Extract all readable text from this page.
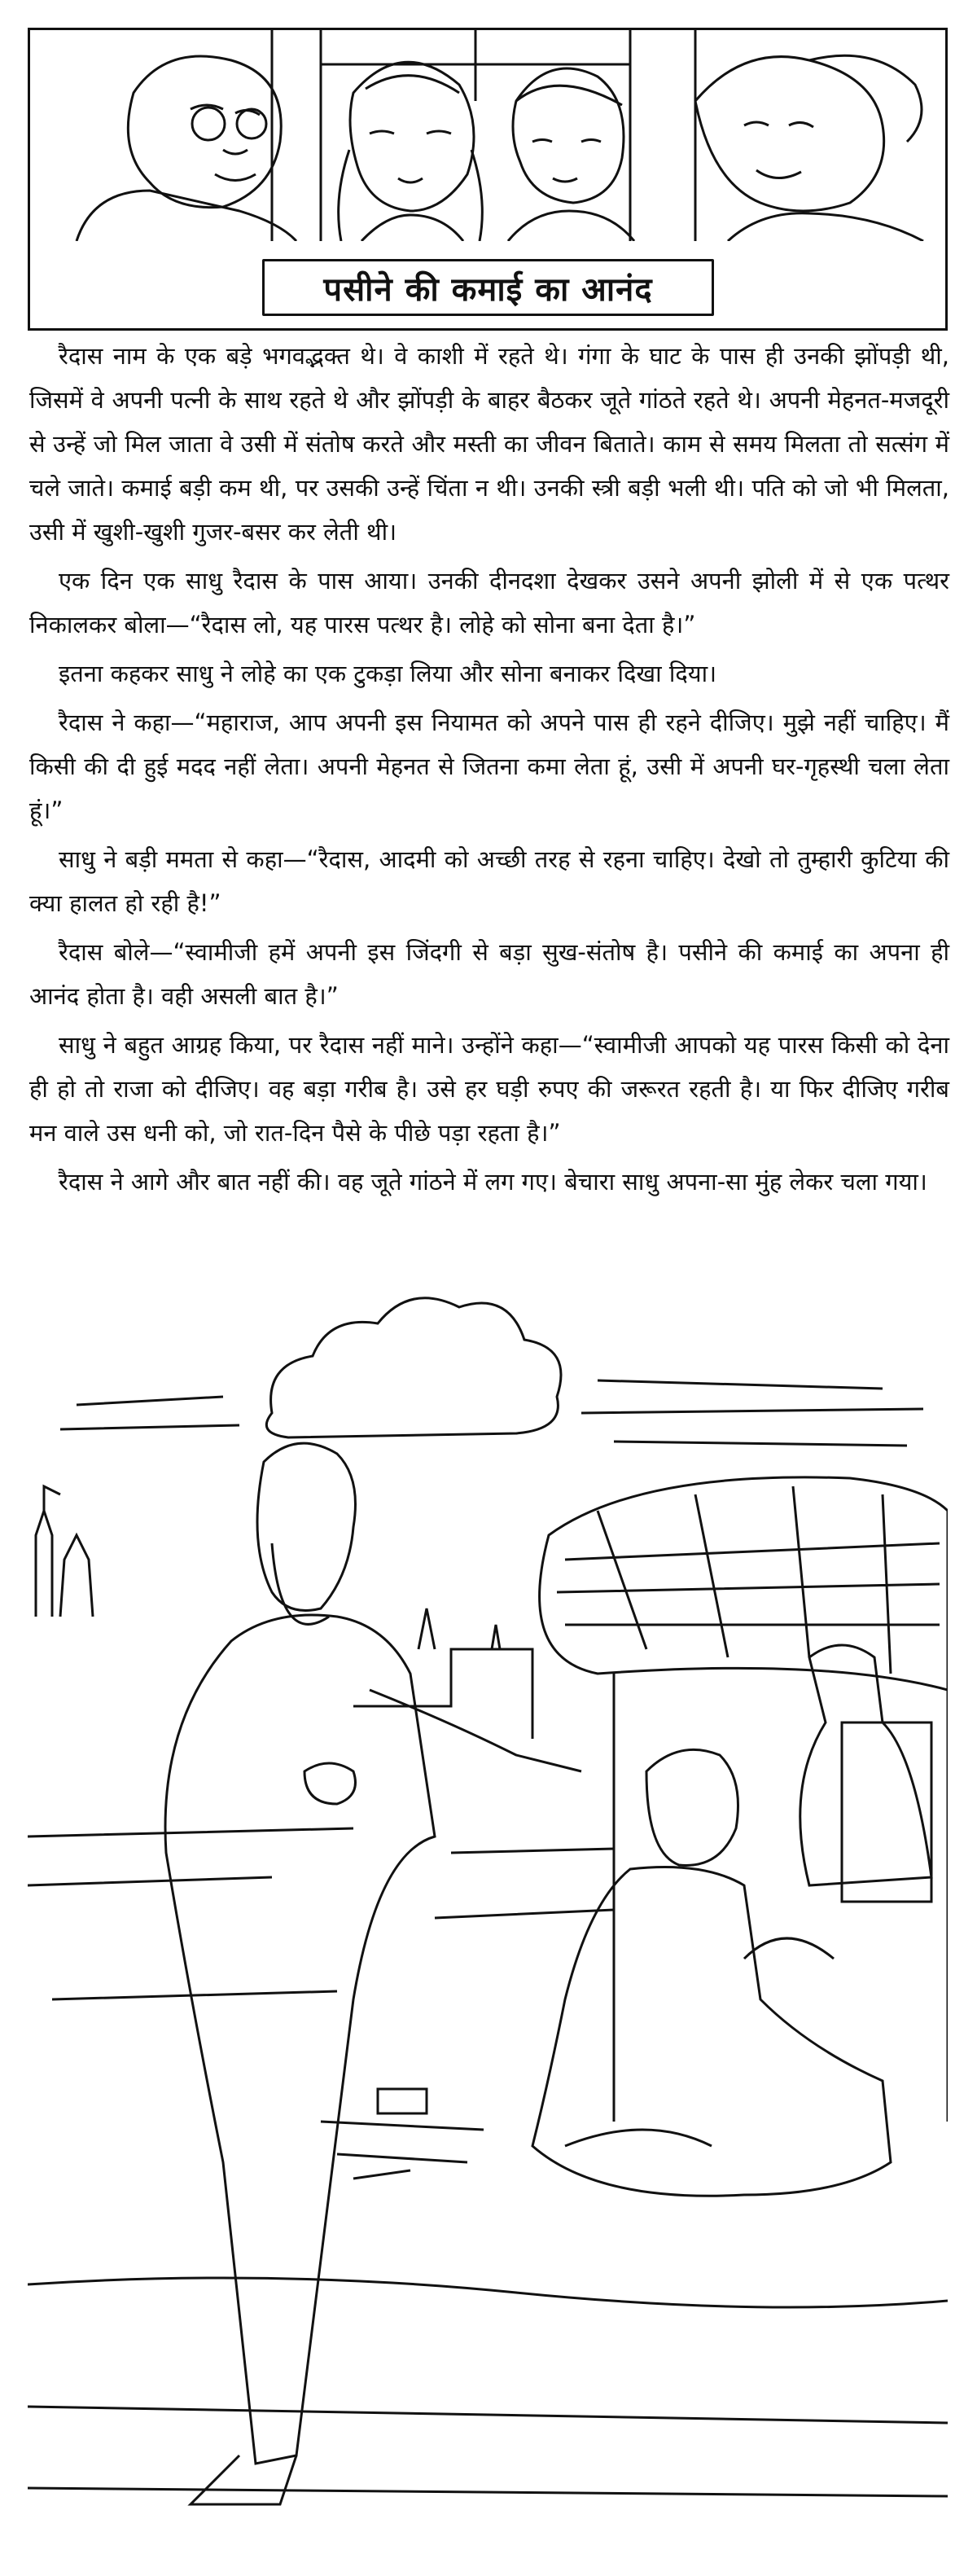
पसीने की कमाई का आनंद

रैदास नाम के एक बड़े भगवद्भक्त थे। वे काशी में रहते थे। गंगा के घाट के पास ही उनकी झोंपड़ी थी, जिसमें वे अपनी पत्नी के साथ रहते थे और झोंपड़ी के बाहर बैठकर जूते गांठते रहते थे। अपनी मेहनत-मजदूरी से उन्हें जो मिल जाता वे उसी में संतोष करते और मस्ती का जीवन बिताते। काम से समय मिलता तो सत्संग में चले जाते। कमाई बड़ी कम थी, पर उसकी उन्हें चिंता न थी। उनकी स्त्री बड़ी भली थी। पति को जो भी मिलता, उसी में खुशी-खुशी गुजर-बसर कर लेती थी।

एक दिन एक साधु रैदास के पास आया। उनकी दीनदशा देखकर उसने अपनी झोली में से एक पत्थर निकालकर बोला—“रैदास लो, यह पारस पत्थर है। लोहे को सोना बना देता है।”

इतना कहकर साधु ने लोहे का एक टुकड़ा लिया और सोना बनाकर दिखा दिया।

रैदास ने कहा—“महाराज, आप अपनी इस नियामत को अपने पास ही रहने दीजिए। मुझे नहीं चाहिए। मैं किसी की दी हुई मदद नहीं लेता। अपनी मेहनत से जितना कमा लेता हूं, उसी में अपनी घर-गृहस्थी चला लेता हूं।”

साधु ने बड़ी ममता से कहा—“रैदास, आदमी को अच्छी तरह से रहना चाहिए। देखो तो तुम्हारी कुटिया की क्या हालत हो रही है!”

रैदास बोले—“स्वामीजी हमें अपनी इस जिंदगी से बड़ा सुख-संतोष है। पसीने की कमाई का अपना ही आनंद होता है। वही असली बात है।”

साधु ने बहुत आग्रह किया, पर रैदास नहीं माने। उन्होंने कहा—“स्वामीजी आपको यह पारस किसी को देना ही हो तो राजा को दीजिए। वह बड़ा गरीब है। उसे हर घड़ी रुपए की जरूरत रहती है। या फिर दीजिए गरीब मन वाले उस धनी को, जो रात-दिन पैसे के पीछे पड़ा रहता है।”

रैदास ने आगे और बात नहीं की। वह जूते गांठने में लग गए। बेचारा साधु अपना-सा मुंह लेकर चला गया।
